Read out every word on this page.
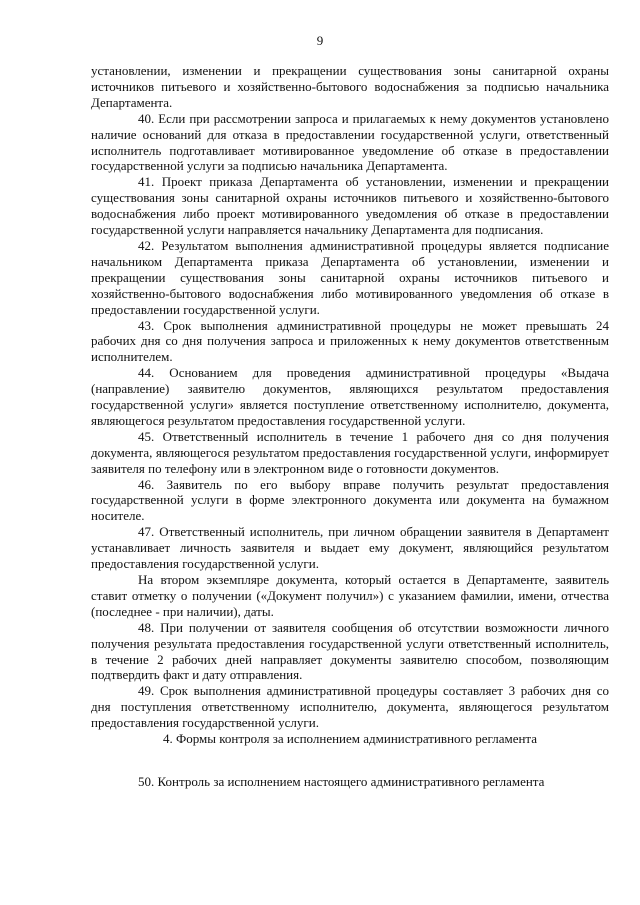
9

установлении, изменении и прекращении существования зоны санитарной охраны источников питьевого и хозяйственно-бытового водоснабжения за подписью начальника Департамента.

40. Если при рассмотрении запроса и прилагаемых к нему документов установлено наличие оснований для отказа в предоставлении государственной услуги, ответственный исполнитель подготавливает мотивированное уведомление об отказе в предоставлении государственной услуги за подписью начальника Департамента.

41. Проект приказа Департамента об установлении, изменении и прекращении существования зоны санитарной охраны источников питьевого и хозяйственно-бытового водоснабжения либо проект мотивированного уведомления об отказе в предоставлении государственной услуги направляется начальнику Департамента для подписания.

42. Результатом выполнения административной процедуры является подписание начальником Департамента приказа Департамента об установлении, изменении и прекращении существования зоны санитарной охраны источников питьевого и хозяйственно-бытового водоснабжения либо мотивированного уведомления об отказе в предоставлении государственной услуги.

43. Срок выполнения административной процедуры не может превышать 24 рабочих дня со дня получения запроса и приложенных к нему документов ответственным исполнителем.

44. Основанием для проведения административной процедуры «Выдача (направление) заявителю документов, являющихся результатом предоставления государственной услуги» является поступление ответственному исполнителю, документа, являющегося результатом предоставления государственной услуги.

45. Ответственный исполнитель в течение 1 рабочего дня со дня получения документа, являющегося результатом предоставления государственной услуги, информирует заявителя по телефону или в электронном виде о готовности документов.

46. Заявитель по его выбору вправе получить результат предоставления государственной услуги в форме электронного документа или документа на бумажном носителе.

47. Ответственный исполнитель, при личном обращении заявителя в Департамент устанавливает личность заявителя и выдает ему документ, являющийся результатом предоставления государственной услуги.

На втором экземпляре документа, который остается в Департаменте, заявитель ставит отметку о получении («Документ получил») с указанием фамилии, имени, отчества (последнее - при наличии), даты.

48. При получении от заявителя сообщения об отсутствии возможности личного получения результата предоставления государственной услуги ответственный исполнитель, в течение 2 рабочих дней направляет документы заявителю способом, позволяющим подтвердить факт и дату отправления.

49. Срок выполнения административной процедуры составляет 3 рабочих дня со дня поступления ответственному исполнителю, документа, являющегося результатом предоставления государственной услуги.

4. Формы контроля за исполнением административного регламента

50. Контроль за исполнением настоящего административного регламента
